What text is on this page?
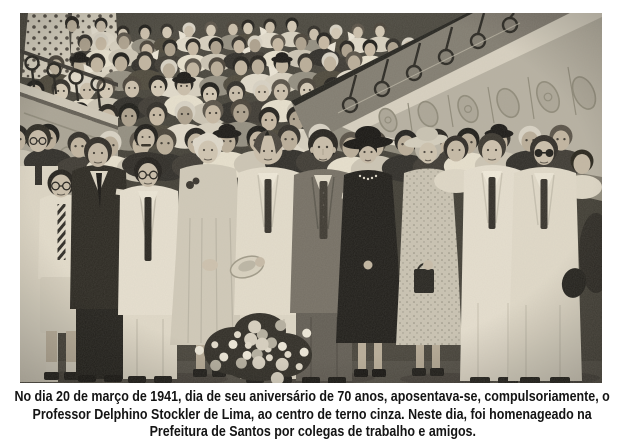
No dia 20 de março de 1941, dia de seu aniversário de 70 anos, aposentava-se, compulsoriamente, o
Professor Delphino Stockler de Lima, ao centro de terno cinza. Neste dia, foi homenageado na
Prefeitura de Santos por colegas de trabalho e amigos.
